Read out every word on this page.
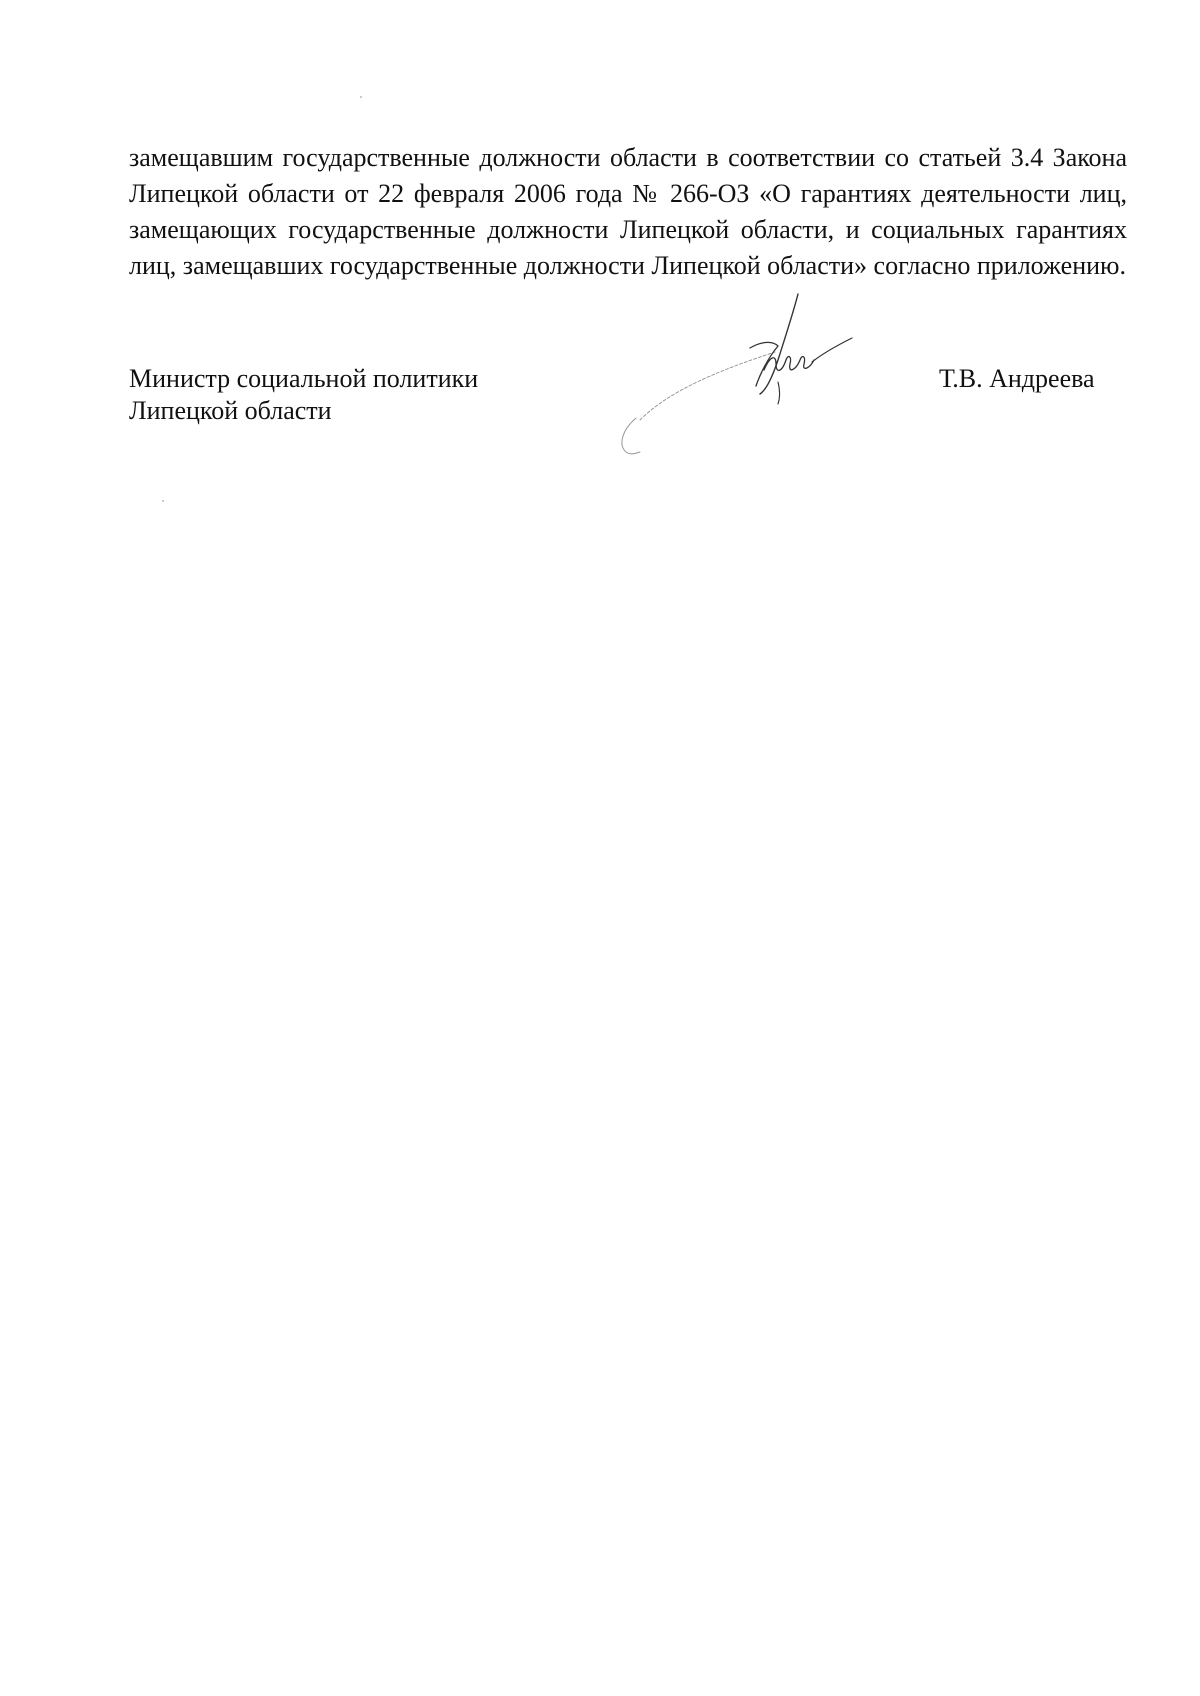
замещавшим государственные должности области в соответствии со статьей 3.4 Закона Липецкой области от 22 февраля 2006 года № 266-ОЗ «О гарантиях деятельности лиц, замещающих государственные должности Липецкой области, и социальных гарантиях лиц, замещавших государственные должности Липецкой области» согласно приложению.

Министр социальной политики
Липецкой области
Т.В. Андреева
